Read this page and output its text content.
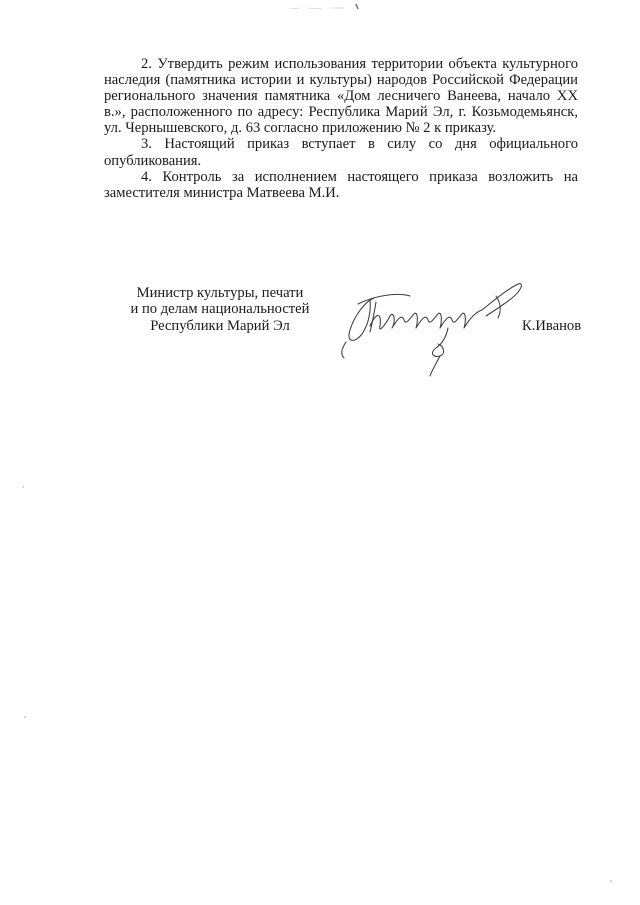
2. Утвердить режим использования территории объекта культурного наследия (памятника истории и культуры) народов Российской Федерации регионального значения памятника «Дом лесничего Ванеева, начало XX в.», расположенного по адресу: Республика Марий Эл, г. Козьмодемьянск, ул. Чернышевского, д. 63 согласно приложению № 2 к приказу.

3. Настоящий приказ вступает в силу со дня официального опубликования.

4. Контроль за исполнением настоящего приказа возложить на заместителя министра Матвеева М.И.

Министр культуры, печати
и по делам национальностей
Республики Марий Эл	К.Иванов
